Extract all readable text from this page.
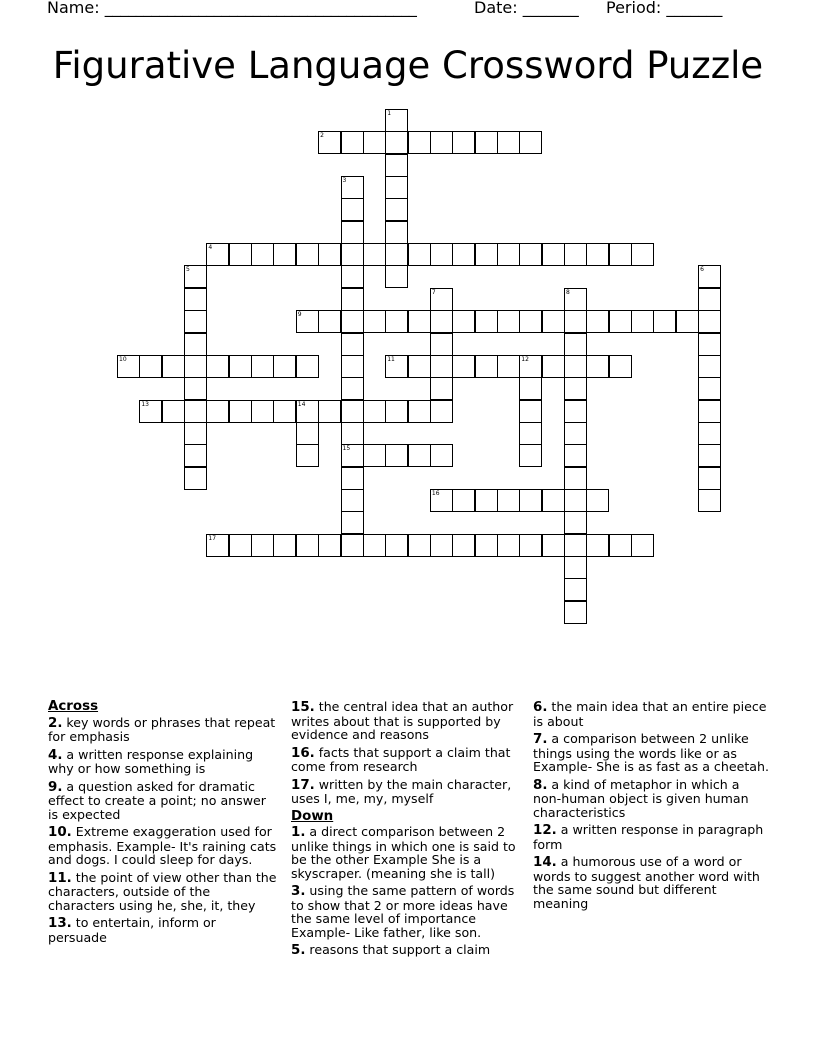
Name: ________________________________________	Date: _______ Period: _______
Figurative Language Crossword Puzzle
1
2
3
15
4
5	6
7	8
9
10	11	12
13	14
16
17
Across
2. key words or phrases that repeat for emphasis
4. a written response explaining why or how something is
9. a question asked for dramatic effect to create a point; no answer is expected
10. Extreme exaggeration used for emphasis. Example- It's raining cats and dogs. I could sleep for days.
11. the point of view other than the characters, outside of the characters using he, she, it, they
13. to entertain, inform or persuade
15. the central idea that an author writes about that is supported by evidence and reasons
16. facts that support a claim that come from research
17. written by the main character, uses I, me, my, myself
Down
1. a direct comparison between 2 unlike things in which one is said to be the other Example She is a skyscraper. (meaning she is tall)
3. using the same pattern of words to show that 2 or more ideas have the same level of importance Example- Like father, like son.
5. reasons that support a claim
6. the main idea that an entire piece is about
7. a comparison between 2 unlike things using the words like or as Example- She is as fast as a cheetah.
8. a kind of metaphor in which a non-human object is given human characteristics
12. a written response in paragraph form
14. a humorous use of a word or words to suggest another word with the same sound but different meaning
